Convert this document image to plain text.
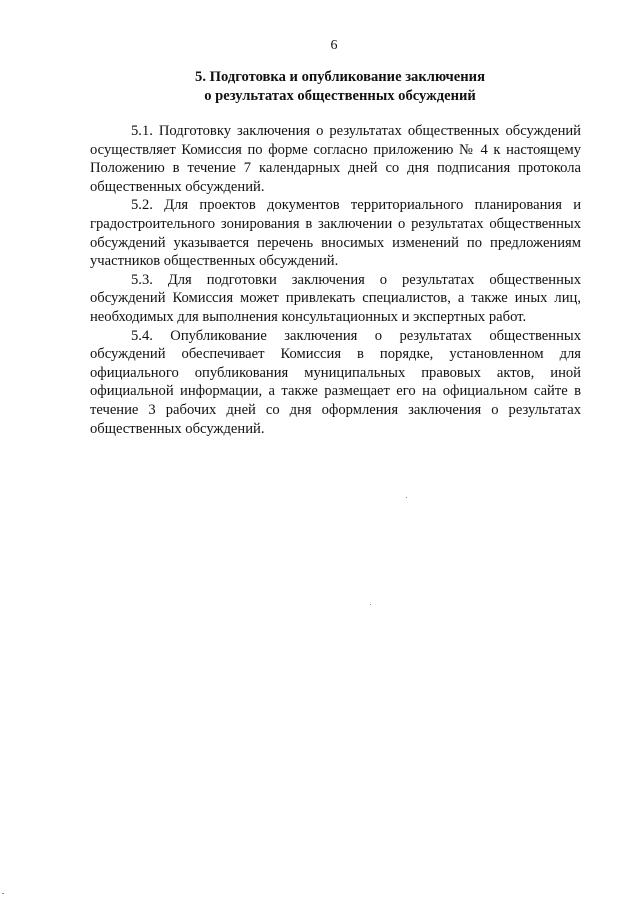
6
5. Подготовка и опубликование заключения
о результатах общественных обсуждений

5.1. Подготовку заключения о результатах общественных обсуждений осуществляет Комиссия по форме согласно приложению № 4 к настоящему Положению в течение 7 календарных дней со дня подписания протокола общественных обсуждений.

5.2. Для проектов документов территориального планирования и градостроительного зонирования в заключении о результатах общественных обсуждений указывается перечень вносимых изменений по предложениям участников общественных обсуждений.

5.3. Для подготовки заключения о результатах общественных обсуждений Комиссия может привлекать специалистов, а также иных лиц, необходимых для выполнения консультационных и экспертных работ.

5.4. Опубликование заключения о результатах общественных обсуждений обеспечивает Комиссия в порядке, установленном для официального опубликования муниципальных правовых актов, иной официальной информации, а также размещает его на официальном сайте в течение 3 рабочих дней со дня оформления заключения о результатах общественных обсуждений.
